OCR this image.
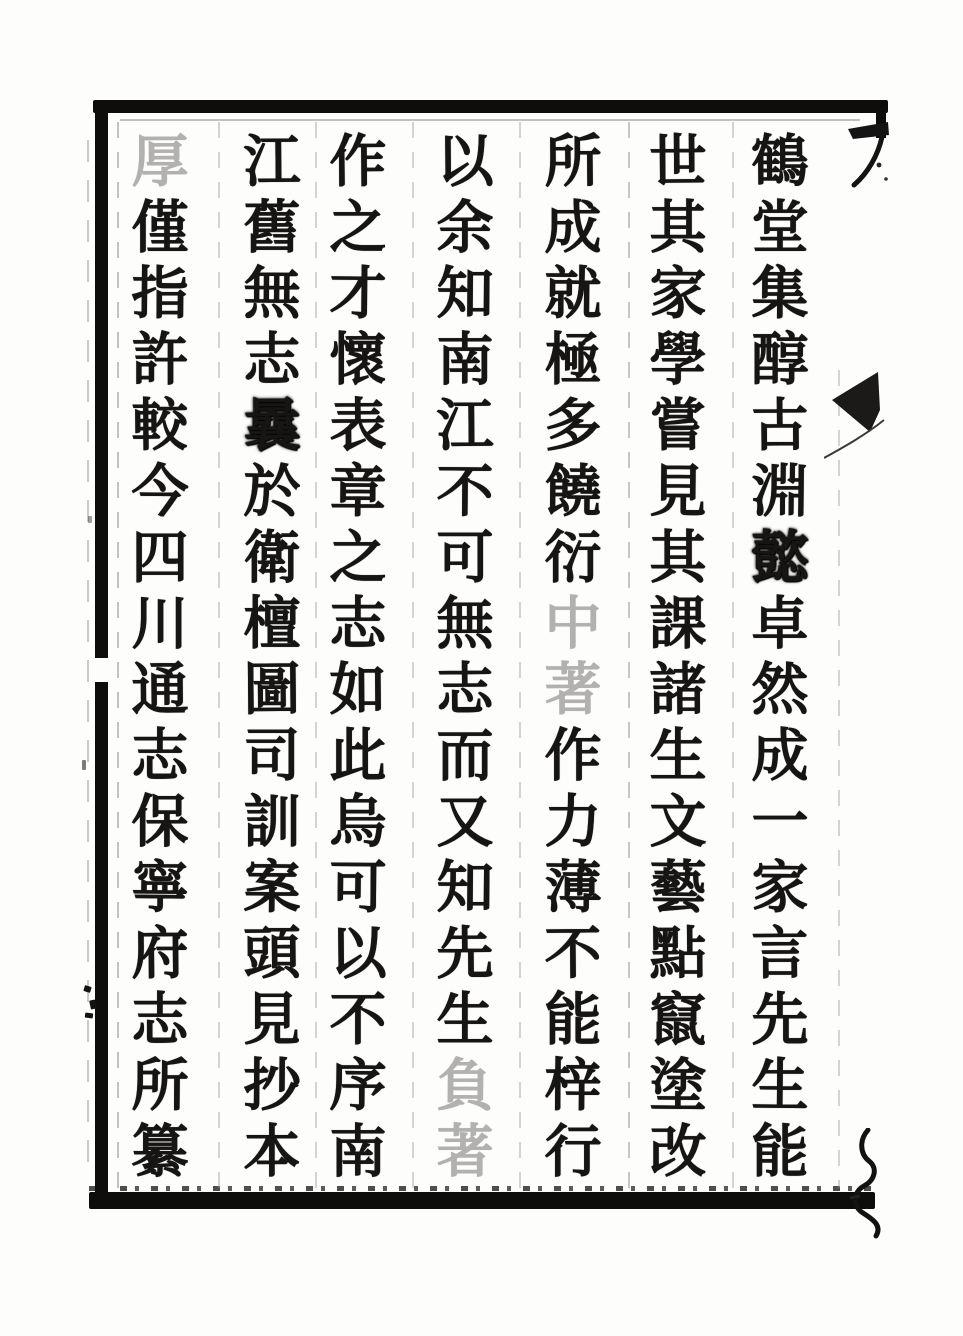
鶴
堂
集
醇
古
淵
懿
卓
然
成
一
家
言
先
生
能
世
其
家
學
嘗
見
其
課
諸
生
文
藝
點
竄
塗
改
所
成
就
極
多
饒
衍
中
著
作
力
薄
不
能
梓
行
以
余
知
南
江
不
可
無
志
而
又
知
先
生
負
著
作
之
才
懷
表
章
之
志
如
此
烏
可
以
不
序
南
江
舊
無
志
曩
於
衛
檀
圖
司
訓
案
頭
見
抄
本
厚
僅
指
許
較
今
四
川
通
志
保
寧
府
志
所
纂
